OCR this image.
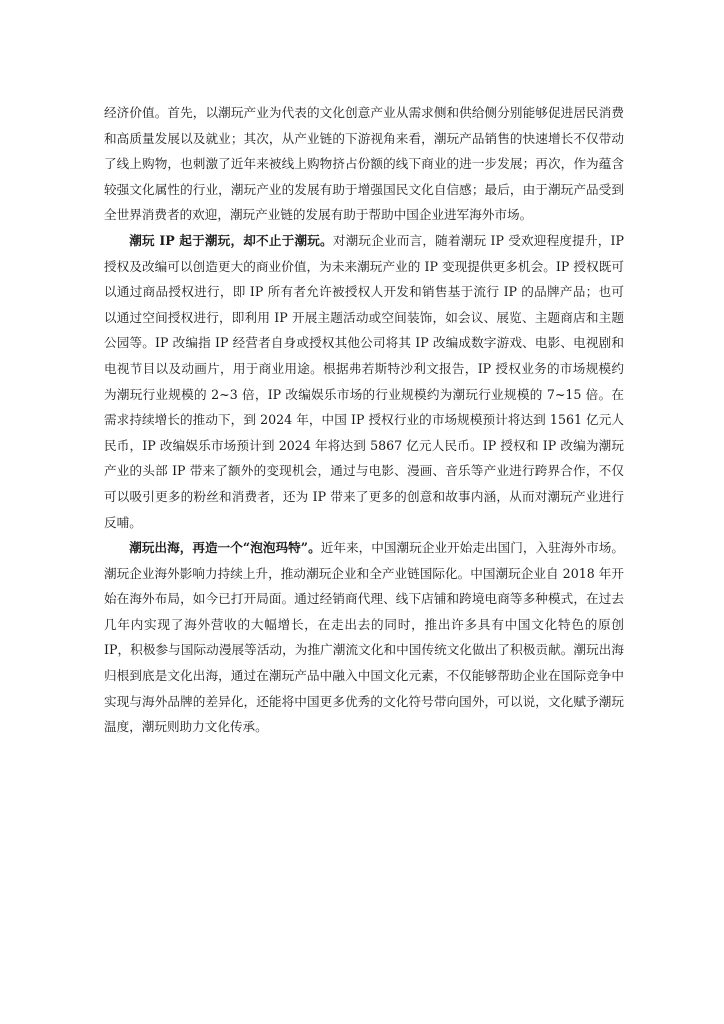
经济价值。首先，以潮玩产业为代表的文化创意产业从需求侧和供给侧分别能够促进居民消费和高质量发展以及就业；其次，从产业链的下游视角来看，潮玩产品销售的快速增长不仅带动了线上购物，也刺激了近年来被线上购物挤占份额的线下商业的进一步发展；再次，作为蕴含较强文化属性的行业，潮玩产业的发展有助于增强国民文化自信感；最后，由于潮玩产品受到全世界消费者的欢迎，潮玩产业链的发展有助于帮助中国企业进军海外市场。

潮玩 IP 起于潮玩，却不止于潮玩。对潮玩企业而言，随着潮玩 IP 受欢迎程度提升，IP 授权及改编可以创造更大的商业价值，为未来潮玩产业的 IP 变现提供更多机会。IP 授权既可以通过商品授权进行，即 IP 所有者允许被授权人开发和销售基于流行 IP 的品牌产品；也可以通过空间授权进行，即利用 IP 开展主题活动或空间装饰，如会议、展览、主题商店和主题公园等。IP 改编指 IP 经营者自身或授权其他公司将其 IP 改编成数字游戏、电影、电视剧和电视节目以及动画片，用于商业用途。根据弗若斯特沙利文报告，IP 授权业务的市场规模约为潮玩行业规模的 2~3 倍，IP 改编娱乐市场的行业规模约为潮玩行业规模的 7~15 倍。在需求持续增长的推动下，到 2024 年，中国 IP 授权行业的市场规模预计将达到 1561 亿元人民币，IP 改编娱乐市场预计到 2024 年将达到 5867 亿元人民币。IP 授权和 IP 改编为潮玩产业的头部 IP 带来了额外的变现机会，通过与电影、漫画、音乐等产业进行跨界合作，不仅可以吸引更多的粉丝和消费者，还为 IP 带来了更多的创意和故事内涵，从而对潮玩产业进行反哺。

潮玩出海，再造一个“泡泡玛特”。近年来，中国潮玩企业开始走出国门，入驻海外市场。潮玩企业海外影响力持续上升，推动潮玩企业和全产业链国际化。中国潮玩企业自 2018 年开始在海外布局，如今已打开局面。通过经销商代理、线下店铺和跨境电商等多种模式，在过去几年内实现了海外营收的大幅增长，在走出去的同时，推出许多具有中国文化特色的原创 IP，积极参与国际动漫展等活动，为推广潮流文化和中国传统文化做出了积极贡献。潮玩出海归根到底是文化出海，通过在潮玩产品中融入中国文化元素，不仅能够帮助企业在国际竞争中实现与海外品牌的差异化，还能将中国更多优秀的文化符号带向国外，可以说，文化赋予潮玩温度，潮玩则助力文化传承。
